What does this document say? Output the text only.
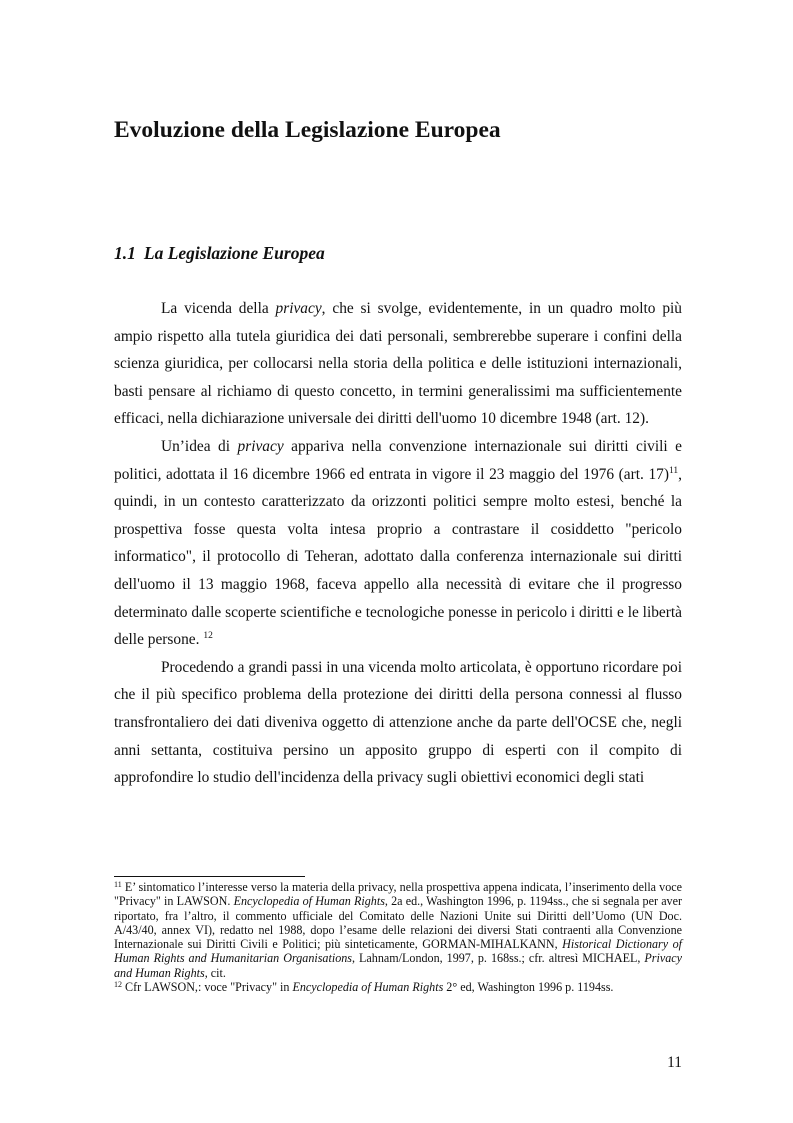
Evoluzione della Legislazione Europea
1.1 La Legislazione Europea

La vicenda della privacy, che si svolge, evidentemente, in un quadro molto più ampio rispetto alla tutela giuridica dei dati personali, sembrerebbe superare i confini della scienza giuridica, per collocarsi nella storia della politica e delle istituzioni internazionali, basti pensare al richiamo di questo concetto, in termini generalissimi ma sufficientemente efficaci, nella dichiarazione universale dei diritti dell'uomo 10 dicembre 1948 (art. 12).

Un’idea di privacy appariva nella convenzione internazionale sui diritti civili e politici, adottata il 16 dicembre 1966 ed entrata in vigore il 23 maggio del 1976 (art. 17)$^{11}$, quindi, in un contesto caratterizzato da orizzonti politici sempre molto estesi, benché la prospettiva fosse questa volta intesa proprio a contrastare il cosiddetto "pericolo informatico", il protocollo di Teheran, adottato dalla conferenza internazionale sui diritti dell'uomo il 13 maggio 1968, faceva appello alla necessità di evitare che il progresso determinato dalle scoperte scientifiche e tecnologiche ponesse in pericolo i diritti e le libertà delle persone. $^{12}$

Procedendo a grandi passi in una vicenda molto articolata, è opportuno ricordare poi che il più specifico problema della protezione dei diritti della persona connessi al flusso transfrontaliero dei dati diveniva oggetto di attenzione anche da parte dell'OCSE che, negli anni settanta, costituiva persino un apposito gruppo di esperti con il compito di approfondire lo studio dell'incidenza della privacy sugli obiettivi economici degli stati

$^{11}$ E’ sintomatico l’interesse verso la materia della privacy, nella prospettiva appena indicata, l’inserimento della voce "Privacy" in LAWSON. Encyclopedia of Human Rights, 2a ed., Washington 1996, p. 1194ss., che si segnala per aver riportato, fra l’altro, il commento ufficiale del Comitato delle Nazioni Unite sui Diritti dell’Uomo (UN Doc. A/43/40, annex VI), redatto nel 1988, dopo l’esame delle relazioni dei diversi Stati contraenti alla Convenzione Internazionale sui Diritti Civili e Politici; più sinteticamente, GORMAN-MIHALKANN, Historical Dictionary of Human Rights and Humanitarian Organisations, Lahnam/London, 1997, p. 168ss.; cfr. altresì MICHAEL, Privacy and Human Rights, cit.

$^{12}$ Cfr LAWSON,: voce "Privacy" in Encyclopedia of Human Rights 2° ed, Washington 1996 p. 1194ss.

11
